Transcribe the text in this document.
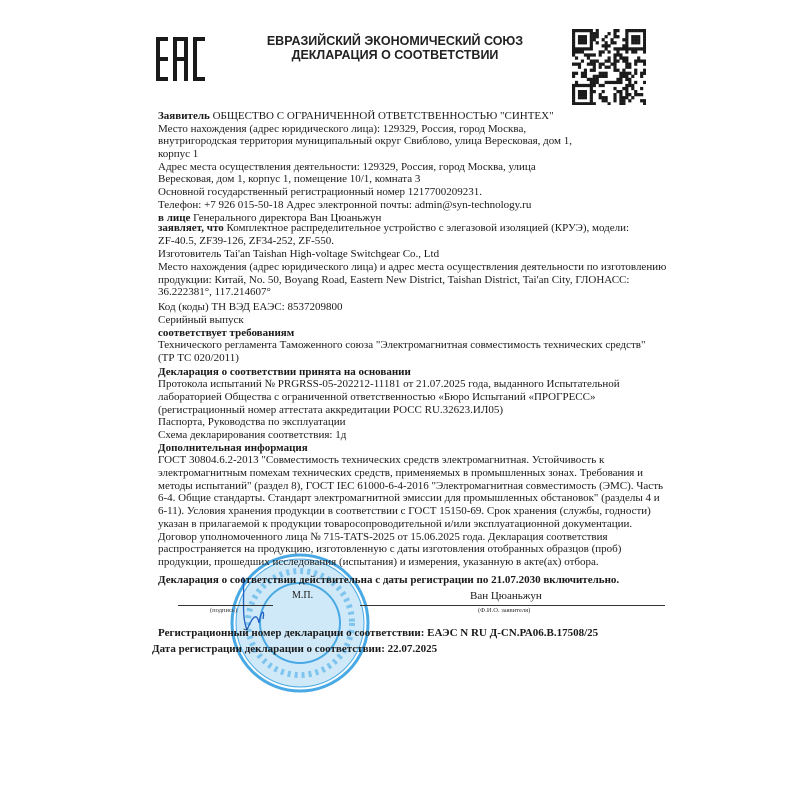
ЕВРАЗИЙСКИЙ ЭКОНОМИЧЕСКИЙ СОЮЗ
ДЕКЛАРАЦИЯ О СООТВЕТСТВИИ
Заявитель ОБЩЕСТВО С ОГРАНИЧЕННОЙ ОТВЕТСТВЕННОСТЬЮ "СИНТЕХ"
Место нахождения (адрес юридического лица): 129329, Россия, город Москва,
внутригородская территория муниципальный округ Свиблово, улица Вересковая, дом 1,
корпус 1
Адрес места осуществления деятельности: 129329, Россия, город Москва, улица
Вересковая, дом 1, корпус 1, помещение 10/1, комната 3
Основной государственный регистрационный номер 1217700209231.
Телефон: +7 926 015-50-18 Адрес электронной почты: admin@syn-technology.ru
в лице Генерального директора Ван Цюаньжун
заявляет, что Комплектное распределительное устройство с элегазовой изоляцией (КРУЭ), модели:
ZF-40.5, ZF39-126, ZF34-252, ZF-550.
Изготовитель Tai'an Taishan High-voltage Switchgear Co., Ltd
Место нахождения (адрес юридического лица) и адрес места осуществления деятельности по изготовлению
продукции: Китай, No. 50, Boyang Road, Eastern New District, Taishan District, Tai'an City, ГЛОНАСС:
36.222381°, 117.214607°
Код (коды) ТН ВЭД ЕАЭС: 8537209800
Серийный выпуск
соответствует требованиям
Технического регламента Таможенного союза "Электромагнитная совместимость технических средств"
(ТР ТС 020/2011)
Декларация о соответствии принята на основании
Протокола испытаний № PRGRSS-05-202212-11181 от 21.07.2025 года, выданного Испытательной
лабораторией Общества с ограниченной ответственностью «Бюро Испытаний «ПРОГРЕСС»
(регистрационный номер аттестата аккредитации РОСС RU.32623.ИЛ05)
Паспорта, Руководства по эксплуатации
Схема декларирования соответствия: 1д
Дополнительная информация
ГОСТ 30804.6.2-2013 "Совместимость технических средств электромагнитная. Устойчивость к
электромагнитным помехам технических средств, применяемых в промышленных зонах. Требования и
методы испытаний" (раздел 8), ГОСТ IEC 61000-6-4-2016 "Электромагнитная совместимость (ЭМС). Часть
6-4. Общие стандарты. Стандарт электромагнитной эмиссии для промышленных обстановок" (разделы 4 и
6-11). Условия хранения продукции в соответствии с ГОСТ 15150-69. Срок хранения (службы, годности)
указан в прилагаемой к продукции товаросопроводительной и/или эксплуатационной документации.
Договор уполномоченного лица № 715-TATS-2025 от 15.06.2025 года. Декларация соответствия
распространяется на продукцию, изготовленную с даты изготовления отобранных образцов (проб)
продукции, прошедших исследования (испытания) и измерения, указанную в акте(ах) отбора.
Декларация о соответствии действительна с даты регистрации по 21.07.2030 включительно.
М.П.	Ван Цюаньжун
(подпись)	(Ф.И.О. заявителя)
Регистрационный номер декларации о соответствии: ЕАЭС N RU Д-CN.РА06.В.17508/25
Дата регистрации декларации о соответствии: 22.07.2025
